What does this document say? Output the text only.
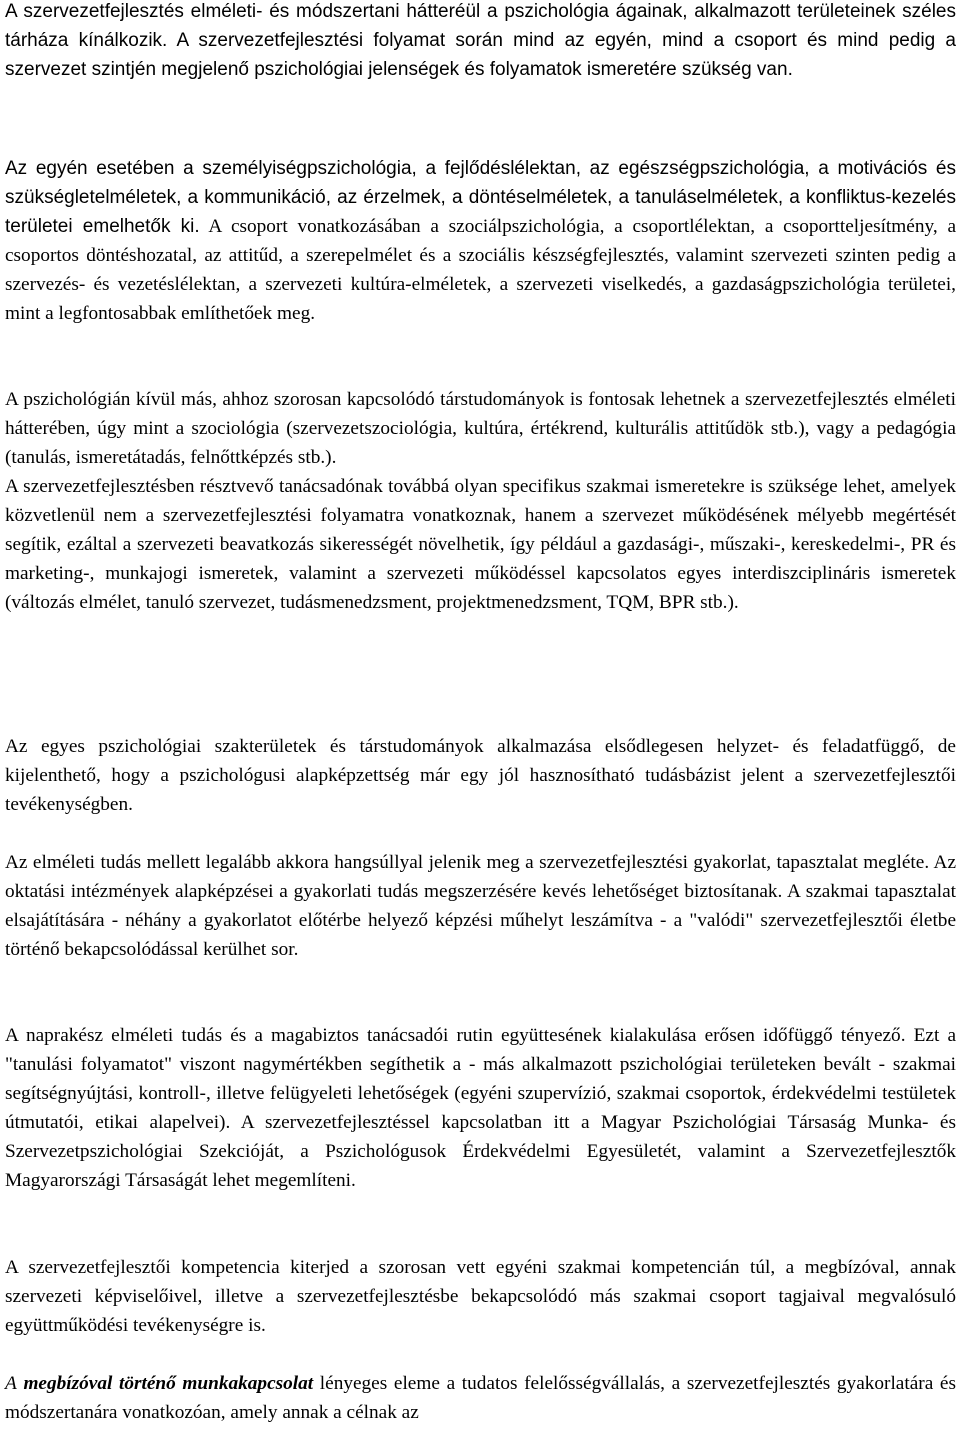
A szervezetfejlesztés elméleti- és módszertani hátteréül a pszichológia ágainak, alkalmazott területeinek széles tárháza kínálkozik. A szervezetfejlesztési folyamat során mind az egyén, mind a csoport és mind pedig a szervezet szintjén megjelenő pszichológiai jelenségek és folyamatok ismeretére szükség van.

Az egyén esetében a személyiségpszichológia, a fejlődéslélektan, az egészségpszichológia, a motivációs és szükségletelméletek, a kommunikáció, az érzelmek, a döntéselméletek, a tanuláselméletek, a konfliktus-kezelés területei emelhetők ki. A csoport vonatkozásában a szociálpszichológia, a csoportlélektan, a csoportteljesítmény, a csoportos döntéshozatal, az attitűd, a szerepelmélet és a szociális készségfejlesztés, valamint szervezeti szinten pedig a szervezés- és vezetéslélektan, a szervezeti kultúra-elméletek, a szervezeti viselkedés, a gazdaságpszichológia területei, mint a legfontosabbak említhetőek meg.

A pszichológián kívül más, ahhoz szorosan kapcsolódó társtudományok is fontosak lehetnek a szervezetfejlesztés elméleti hátterében, úgy mint a szociológia (szervezetszociológia, kultúra, értékrend, kulturális attitűdök stb.), vagy a pedagógia (tanulás, ismeretátadás, felnőttképzés stb.).
A szervezetfejlesztésben résztvevő tanácsadónak továbbá olyan specifikus szakmai ismeretekre is szüksége lehet, amelyek közvetlenül nem a szervezetfejlesztési folyamatra vonatkoznak, hanem a szervezet működésének mélyebb megértését segítik, ezáltal a szervezeti beavatkozás sikerességét növelhetik, így például a gazdasági-, műszaki-, kereskedelmi-, PR és marketing-, munkajogi ismeretek, valamint a szervezeti működéssel kapcsolatos egyes interdiszciplináris ismeretek (változás elmélet, tanuló szervezet, tudásmenedzsment, projektmenedzsment, TQM, BPR stb.).

Az egyes pszichológiai szakterületek és társtudományok alkalmazása elsődlegesen helyzet- és feladatfüggő, de kijelenthető, hogy a pszichológusi alapképzettség már egy jól hasznosítható tudásbázist jelent a szervezetfejlesztői tevékenységben.

Az elméleti tudás mellett legalább akkora hangsúllyal jelenik meg a szervezetfejlesztési gyakorlat, tapasztalat megléte. Az oktatási intézmények alapképzései a gyakorlati tudás megszerzésére kevés lehetőséget biztosítanak. A szakmai tapasztalat elsajátítására - néhány a gyakorlatot előtérbe helyező képzési műhelyt leszámítva - a "valódi" szervezetfejlesztői életbe történő bekapcsolódással kerülhet sor.

A naprakész elméleti tudás és a magabiztos tanácsadói rutin együttesének kialakulása erősen időfüggő tényező. Ezt a "tanulási folyamatot" viszont nagymértékben segíthetik a - más alkalmazott pszichológiai területeken bevált - szakmai segítségnyújtási, kontroll-, illetve felügyeleti lehetőségek (egyéni szupervízió, szakmai csoportok, érdekvédelmi testületek útmutatói, etikai alapelvei). A szervezetfejlesztéssel kapcsolatban itt a Magyar Pszichológiai Társaság Munka- és Szervezetpszichológiai Szekcióját, a Pszichológusok Érdekvédelmi Egyesületét, valamint a Szervezetfejlesztők Magyarországi Társaságát lehet megemlíteni.

A szervezetfejlesztői kompetencia kiterjed a szorosan vett egyéni szakmai kompetencián túl, a megbízóval, annak szervezeti képviselőivel, illetve a szervezetfejlesztésbe bekapcsolódó más szakmai csoport tagjaival megvalósuló együttműködési tevékenységre is.

A megbízóval történő munkakapcsolat lényeges eleme a tudatos felelősségvállalás, a szervezetfejlesztés gyakorlatára és módszertanára vonatkozóan, amely annak a célnak az
